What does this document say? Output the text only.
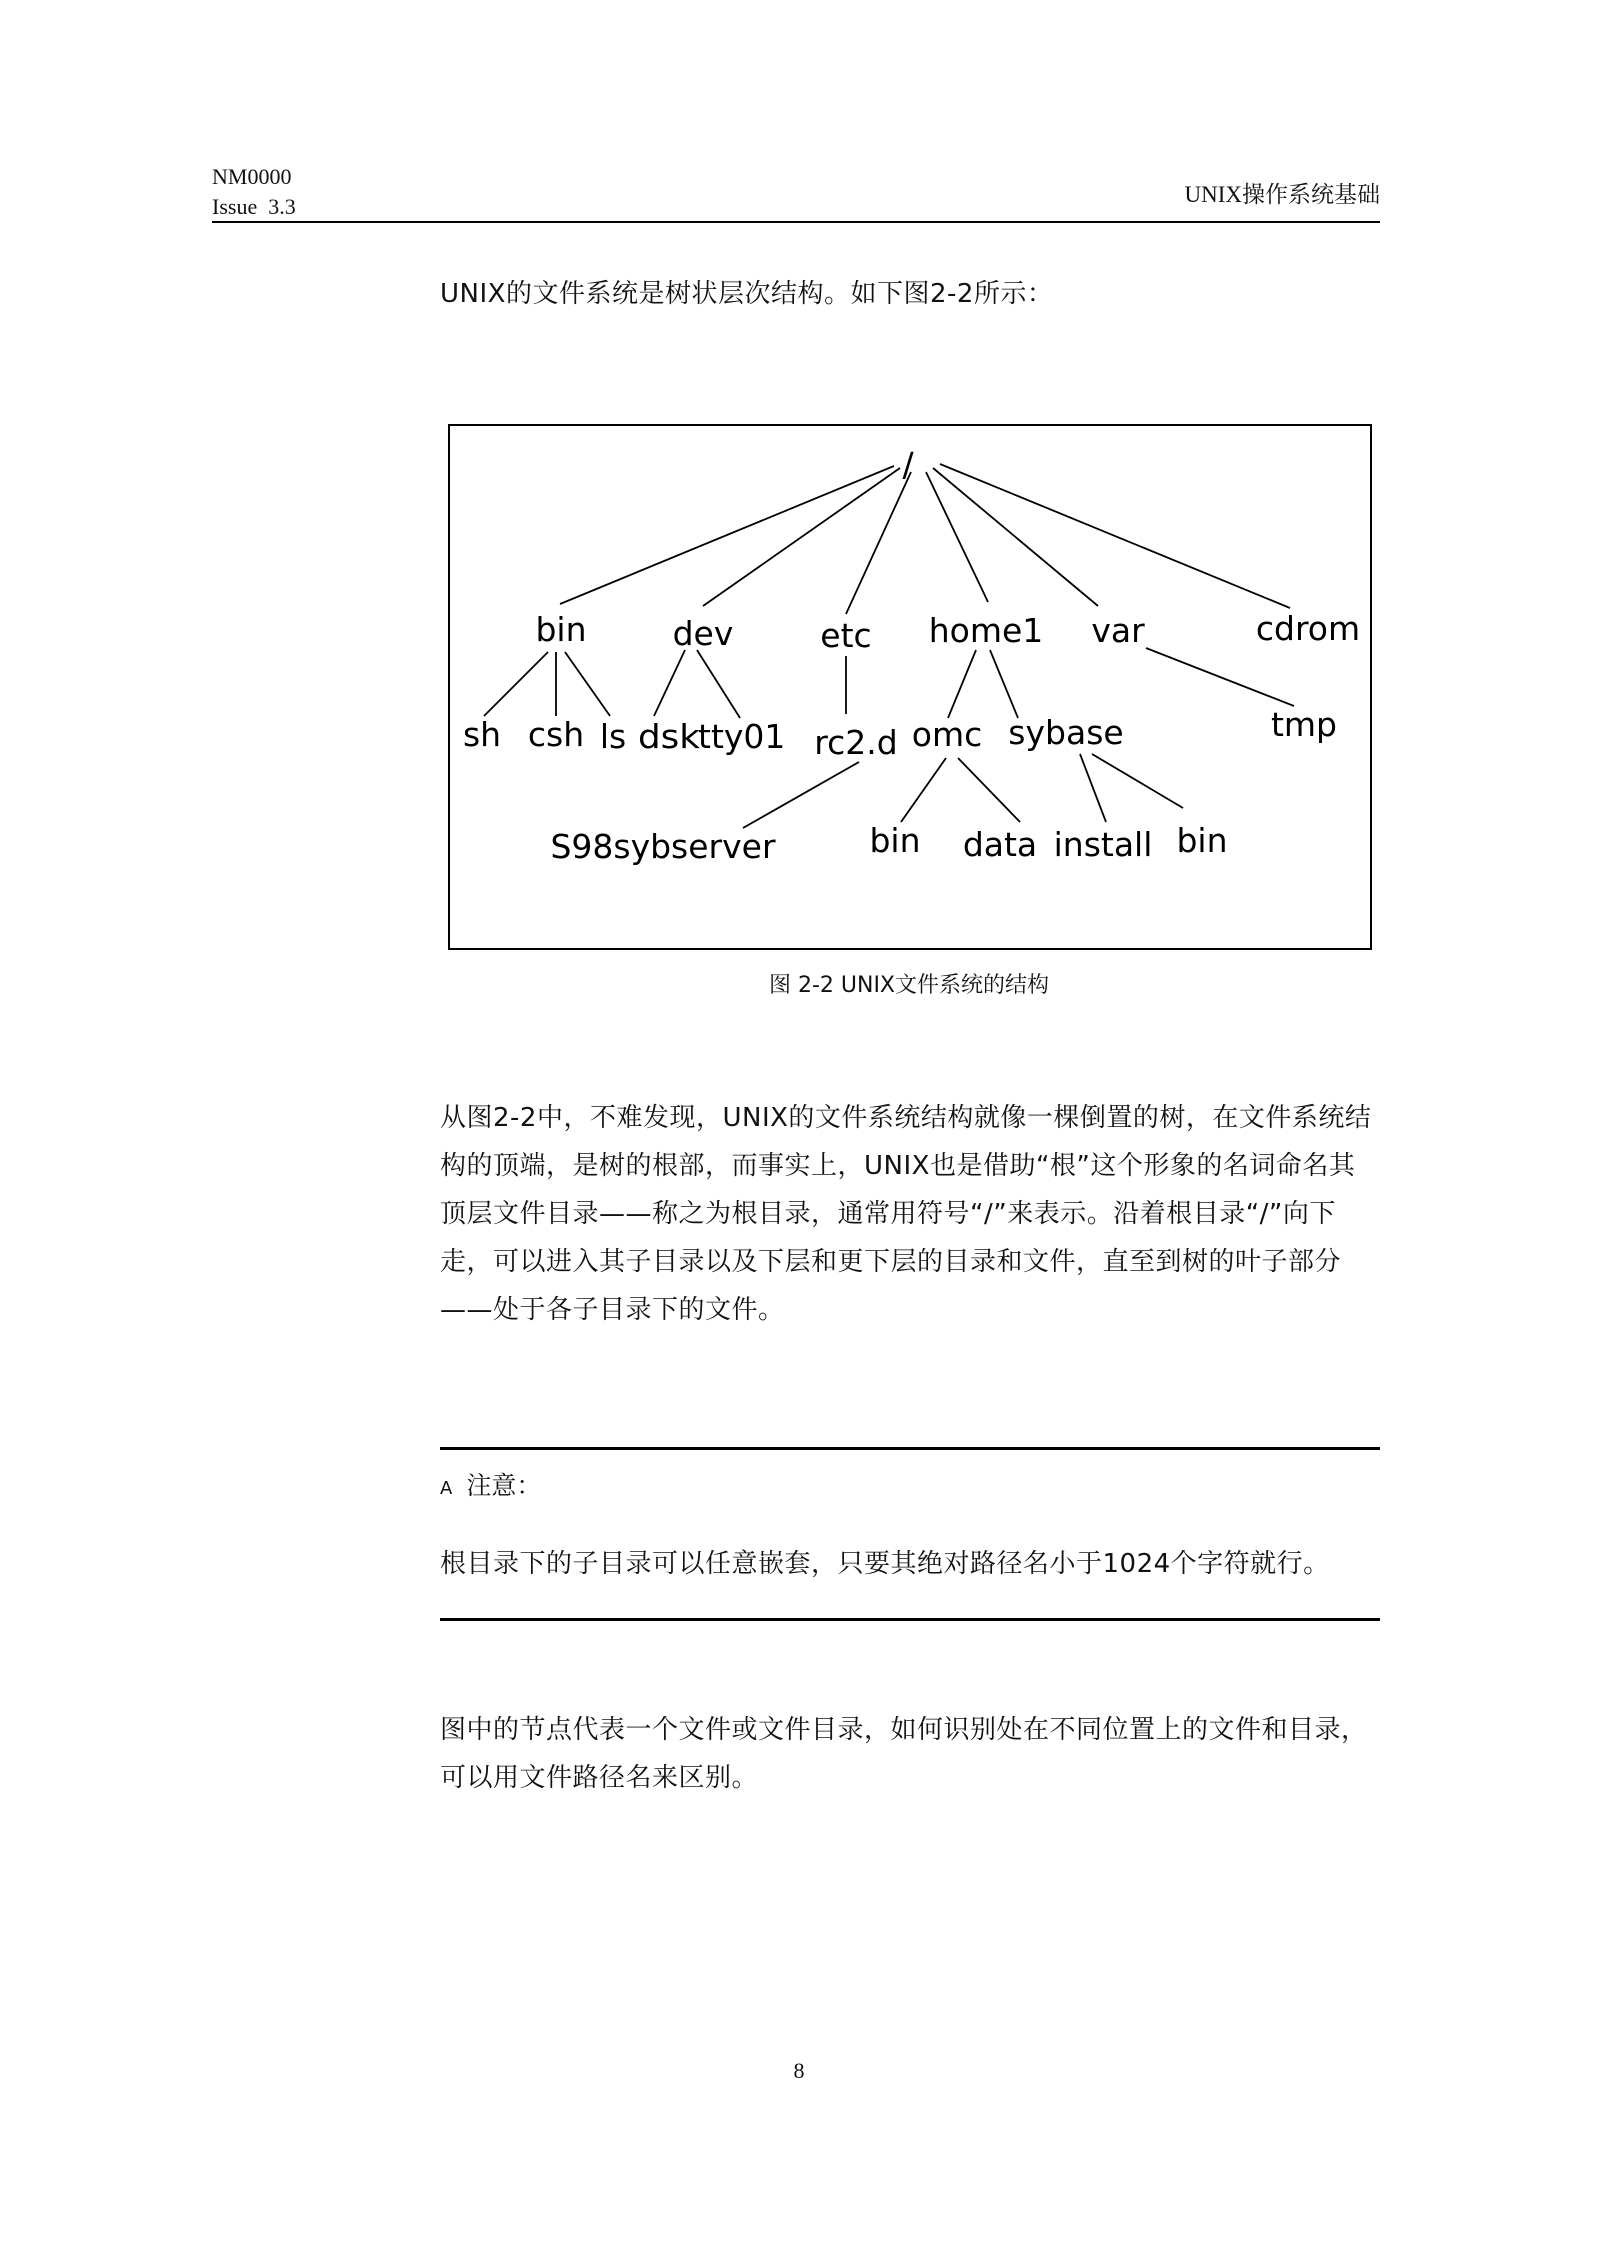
NM0000
Issue  3.3	UNIX操作系统基础
UNIX的文件系统是树状层次结构。如下图2-2所示：
/
bin	dev	etc home1 var	cdrom
sh csh ls dsk
tty01 rc2.d omc sybase	tmp
S98sybserver	bin data install bin
图 2-2 UNIX文件系统的结构
从图2-2中，不难发现，UNIX的文件系统结构就像一棵倒置的树，在文件系统结构的顶端，是树的根部，而事实上，UNIX也是借助“根”这个形象的名词命名其顶层文件目录——称之为根目录，通常用符号“/”来表示。沿着根目录“/”向下走，可以进入其子目录以及下层和更下层的目录和文件，直至到树的叶子部分——处于各子目录下的文件。
A 注意：
根目录下的子目录可以任意嵌套，只要其绝对路径名小于1024个字符就行。
图中的节点代表一个文件或文件目录，如何识别处在不同位置上的文件和目录，可以用文件路径名来区别。
8
